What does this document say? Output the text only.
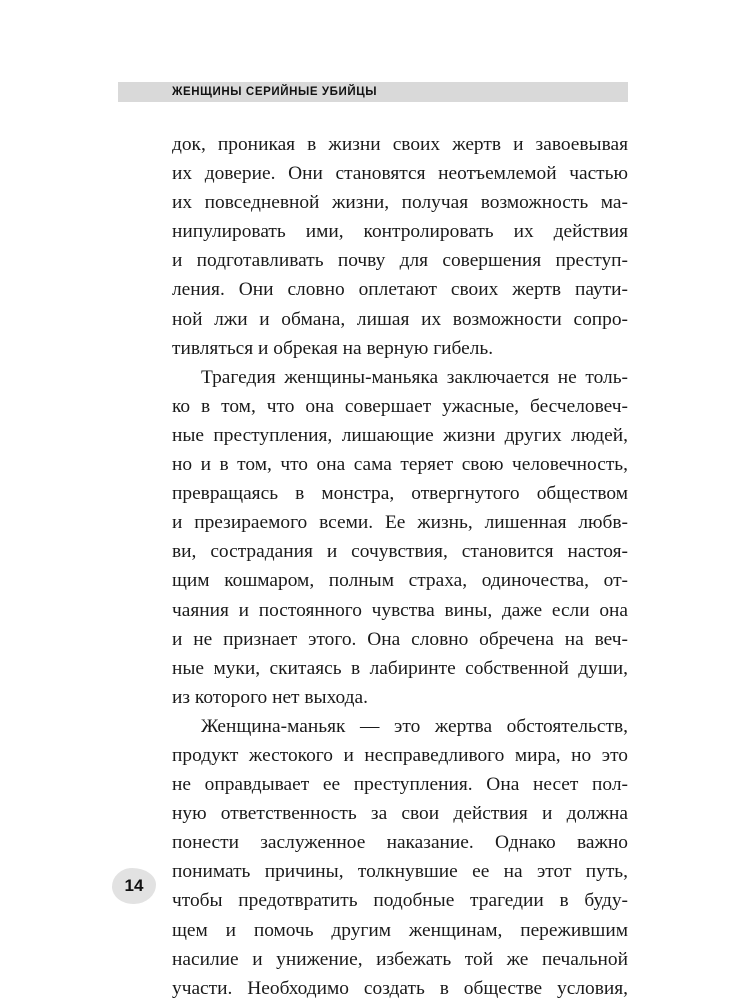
ЖЕНЩИНЫ СЕРИЙНЫЕ УБИЙЦЫ
док, проникая в жизни своих жертв и завоевывая
их доверие. Они становятся неотъемлемой частью
их повседневной жизни, получая возможность ма-
нипулировать ими, контролировать их действия
и подготавливать почву для совершения преступ-
ления. Они словно оплетают своих жертв паути-
ной лжи и обмана, лишая их возможности сопро-
тивляться и обрекая на верную гибель.
Трагедия женщины-маньяка заключается не толь-
ко в том, что она совершает ужасные, бесчеловеч-
ные преступления, лишающие жизни других людей,
но и в том, что она сама теряет свою человечность,
превращаясь в монстра, отвергнутого обществом
и презираемого всеми. Ее жизнь, лишенная любв-
ви, сострадания и сочувствия, становится настоя-
щим кошмаром, полным страха, одиночества, от-
чаяния и постоянного чувства вины, даже если она
и не признает этого. Она словно обречена на веч-
ные муки, скитаясь в лабиринте собственной души,
из которого нет выхода.
Женщина-маньяк — это жертва обстоятельств,
продукт жестокого и несправедливого мира, но это
не оправдывает ее преступления. Она несет пол-
ную ответственность за свои действия и должна
понести заслуженное наказание. Однако важно
понимать причины, толкнувшие ее на этот путь,
чтобы предотвратить подобные трагедии в буду-
щем и помочь другим женщинам, пережившим
насилие и унижение, избежать той же печальной
участи. Необходимо создать в обществе условия,
14
